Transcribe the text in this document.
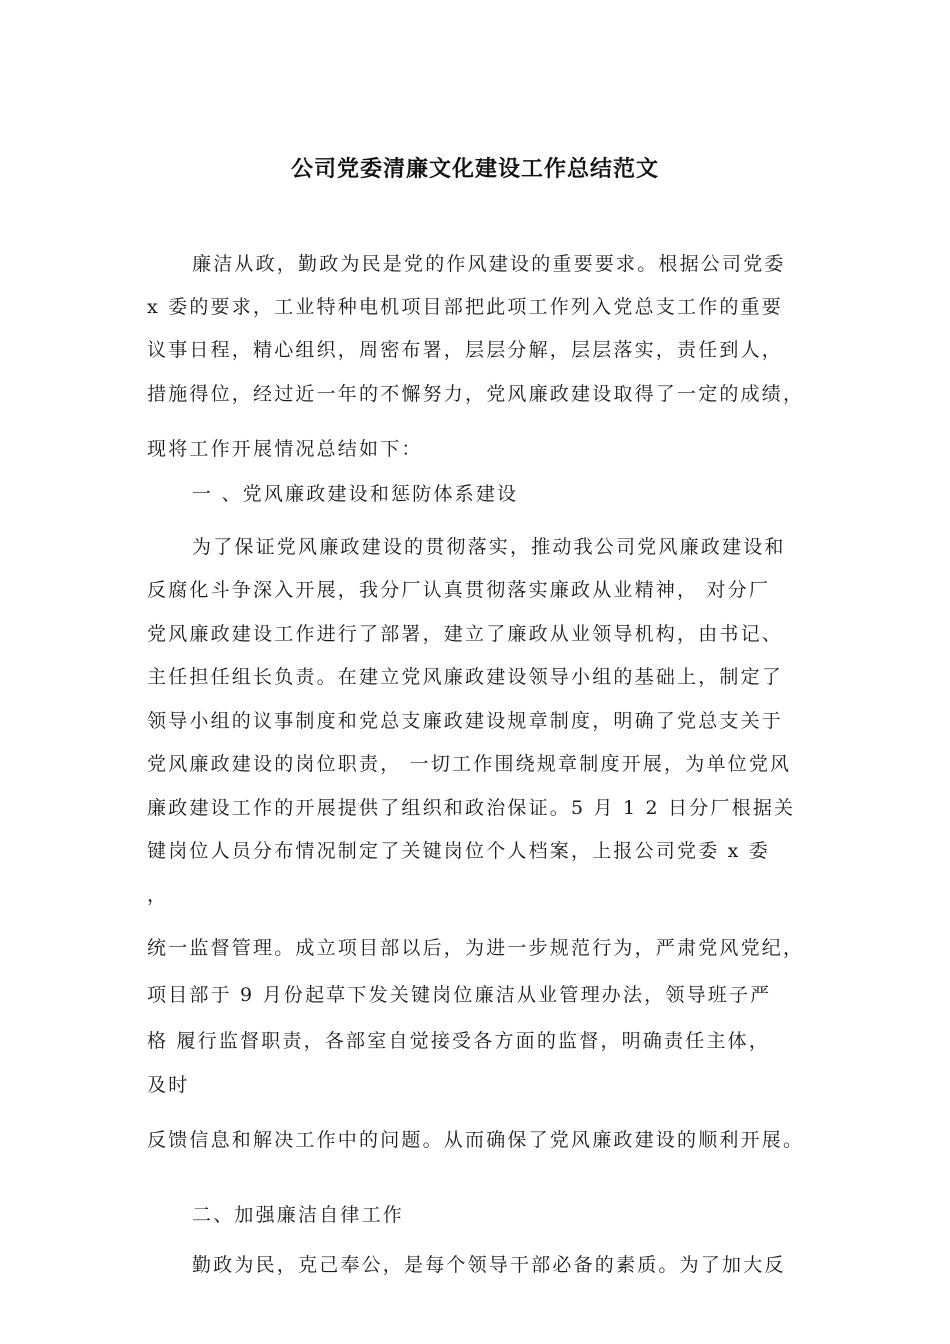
公司党委清廉文化建设工作总结范文
廉洁从政，勤政为民是党的作风建设的重要要求。根据公司党委
x 委的要求，工业特种电机项目部把此项工作列入党总支工作的重要
议事日程，精心组织，周密布署，层层分解，层层落实，责任到人，
措施得位，经过近一年的不懈努力，党风廉政建设取得了一定的成绩，
现将工作开展情况总结如下：
一 、党风廉政建设和惩防体系建设
为了保证党风廉政建设的贯彻落实，推动我公司党风廉政建设和
反腐化斗争深入开展，我分厂认真贯彻落实廉政从业精神， 对分厂
党风廉政建设工作进行了部署，建立了廉政从业领导机构，由书记、
主任担任组长负责。在建立党风廉政建设领导小组的基础上，制定了
领导小组的议事制度和党总支廉政建设规章制度，明确了党总支关于
党风廉政建设的岗位职责， 一切工作围绕规章制度开展，为单位党风
廉政建设工作的开展提供了组织和政治保证。5 月 1 2 日分厂根据关
键岗位人员分布情况制定了关键岗位个人档案，上报公司党委 x 委
，
统一监督管理。成立项目部以后，为进一步规范行为，严肃党风党纪，
项目部于 9 月份起草下发关键岗位廉洁从业管理办法，领导班子严
格 履行监督职责，各部室自觉接受各方面的监督，明确责任主体，
及时
反馈信息和解决工作中的问题。从而确保了党风廉政建设的顺利开展。
二、加强廉洁自律工作
勤政为民，克己奉公，是每个领导干部必备的素质。为了加大反
